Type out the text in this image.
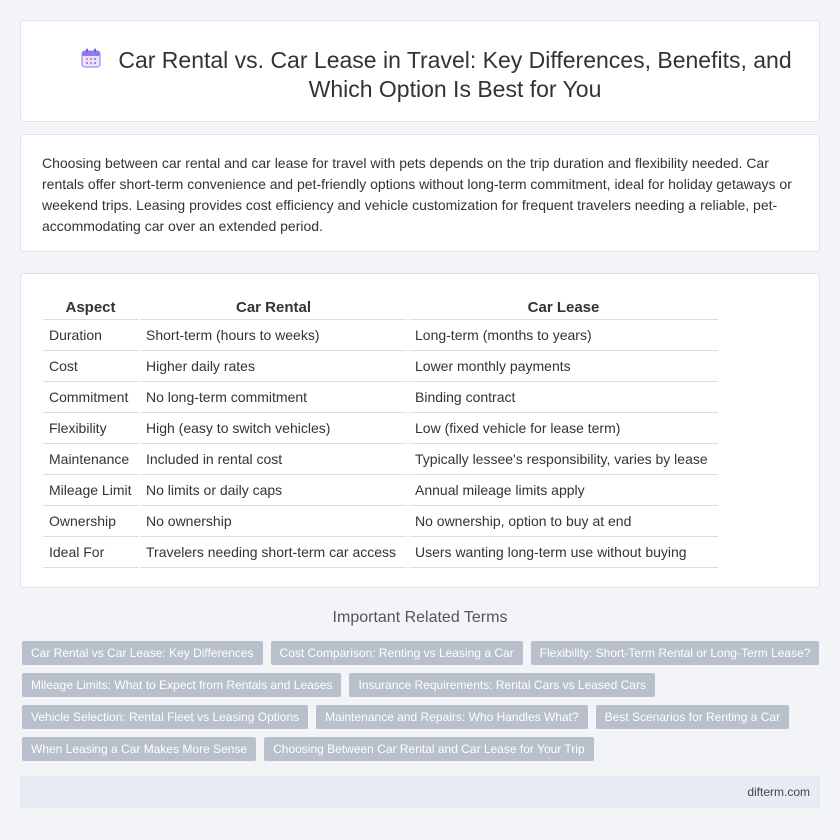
Car Rental vs. Car Lease in Travel: Key Differences, Benefits, and Which Option Is Best for You

Choosing between car rental and car lease for travel with pets depends on the trip duration and flexibility needed. Car rentals offer short-term convenience and pet-friendly options without long-term commitment, ideal for holiday getaways or weekend trips. Leasing provides cost efficiency and vehicle customization for frequent travelers needing a reliable, pet-accommodating car over an extended period.

Aspect	Car Rental	Car Lease
Duration	Short-term (hours to weeks)	Long-term (months to years)
Cost	Higher daily rates	Lower monthly payments
Commitment	No long-term commitment	Binding contract
Flexibility	High (easy to switch vehicles)	Low (fixed vehicle for lease term)
Maintenance	Included in rental cost	Typically lessee's responsibility, varies by lease
Mileage Limit	No limits or daily caps	Annual mileage limits apply
Ownership	No ownership	No ownership, option to buy at end
Ideal For	Travelers needing short-term car access	Users wanting long-term use without buying
Important Related Terms
Car Rental vs Car Lease: Key Differences	Cost Comparison: Renting vs Leasing a Car	Flexibility: Short-Term Rental or Long-Term Lease?
Mileage Limits: What to Expect from Rentals and Leases	Insurance Requirements: Rental Cars vs Leased Cars
Vehicle Selection: Rental Fleet vs Leasing Options	Maintenance and Repairs: Who Handles What?	Best Scenarios for Renting a Car
When Leasing a Car Makes More Sense	Choosing Between Car Rental and Car Lease for Your Trip
difterm.com
